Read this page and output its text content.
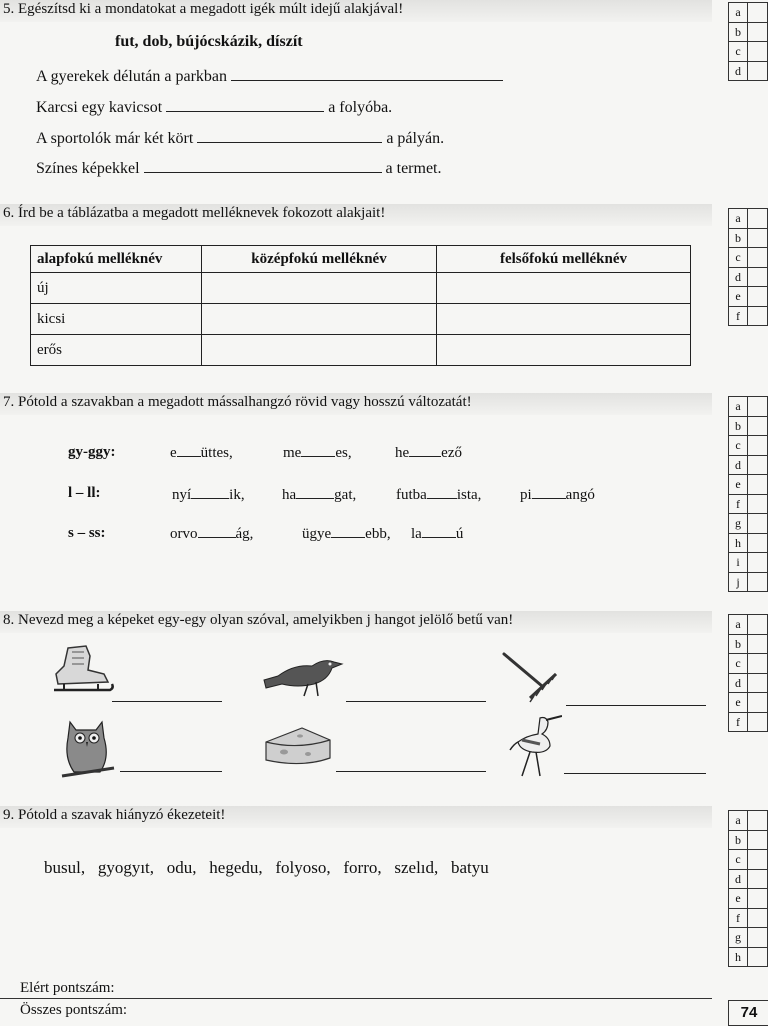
5. Egészítsd ki a mondatokat a megadott igék múlt idejű alakjával!
fut, dob, bújócskázik, díszít
A gyerekek délután a parkban
Karcsi egy kavicsot	a folyóba.
A sportolók már két kört	a pályán.
Színes képekkel	a termet.
a
b
c
d
6. Írd be a táblázatba a megadott melléknevek fokozott alakjait!
alapfokú melléknév	középfokú melléknév	felsőfokú melléknév
új		
kicsi		
erős		
a
b
c
d
e
f
7. Pótold a szavakban a megadott mássalhangzó rövid vagy hosszú változatát!
gy-ggy:	e üttes,	me es,	he ező
l – ll:	nyí	ik, ha	gat,	futba ista,	pi angó
s – ss:	orvo	ág,	ügye ebb, la ú
a
b
c
d
e
f
g
h
i
j
8. Nevezd meg a képeket egy-egy olyan szóval, amelyikben j hangot jelölő betű van!	a
b
c
d
e
f
9. Pótold a szavak hiányzó ékezeteit!
busul,   gyogyıt,   odu,   hegedu,   folyoso,   forro,   szelıd,   batyu
a
b
c
d
e
f
g
h
Elért pontszám:
Összes pontszám:	74
